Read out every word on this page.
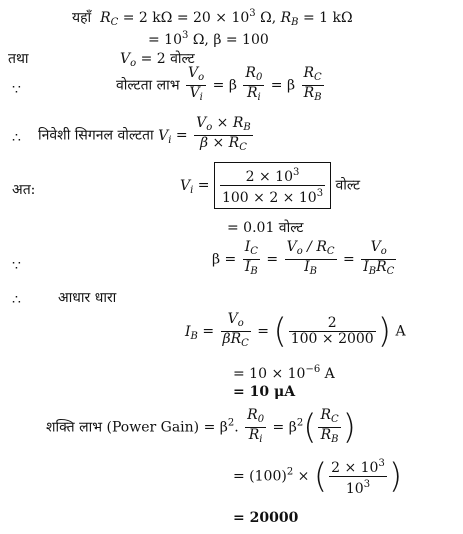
यहाँ $R_C = 2$ $k\Omega = 20 \times 10^3$ Ω, $R_B = 1$ kΩ
= $10^3$ Ω, β = 100
तथा	$V_o = 2$ वोल्ट
∵	वोल्टता लाभ $\frac{V_o}{V_i} = \beta \frac{R_0}{R_i} = \beta \frac{R_C}{R_B}$
∴ निवेशी सिगनल वोल्टता $V_i = \frac{V_o \times R_B}{\beta \times R_C}$
अत:	$V_i = \frac{2 \times 10^3}{100 \times 2 \times 10^3}$ वोल्ट
= 0.01 वोल्ट
∵	$\beta = \frac{I_C}{I_B} = \frac{V_o / R_C}{I_B} = \frac{V_o}{I_BR_C}$
∴	आधार धारा
$I_B = \frac{V_o}{\beta R_C}$ = ( $\frac{2}{100 \times 2000}$ ) A
= $10 \times 10^{-6}$ A
= 10 μA
शक्ति लाभ (Power Gain) = $\beta^2$. $\frac{R_0}{R_i} = \beta^2( \frac{R_C}{R_B}$ )
= $(100)^2$ × ( $\frac{2 \times 10^3}{10^3}$ )
= 20000
